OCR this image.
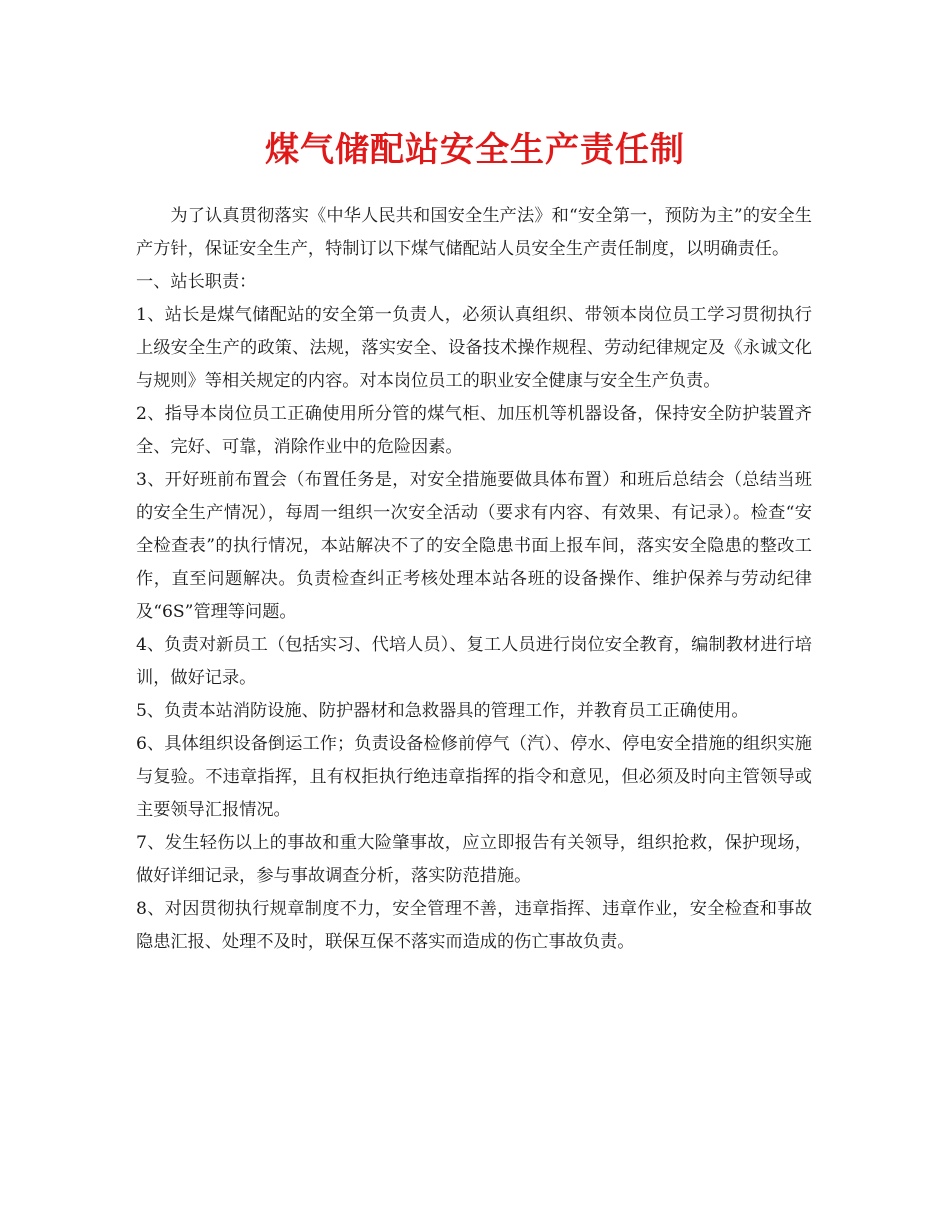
煤气储配站安全生产责任制

为了认真贯彻落实《中华人民共和国安全生产法》和“安全第一，预防为主”的安全生产方针，保证安全生产，特制订以下煤气储配站人员安全生产责任制度，以明确责任。

一、站长职责：

1、站长是煤气储配站的安全第一负责人，必须认真组织、带领本岗位员工学习贯彻执行上级安全生产的政策、法规，落实安全、设备技术操作规程、劳动纪律规定及《永诚文化与规则》等相关规定的内容。对本岗位员工的职业安全健康与安全生产负责。

2、指导本岗位员工正确使用所分管的煤气柜、加压机等机器设备，保持安全防护装置齐全、完好、可靠，消除作业中的危险因素。

3、开好班前布置会（布置任务是，对安全措施要做具体布置）和班后总结会（总结当班的安全生产情况），每周一组织一次安全活动（要求有内容、有效果、有记录）。检查“安全检查表”的执行情况，本站解决不了的安全隐患书面上报车间，落实安全隐患的整改工作，直至问题解决。负责检查纠正考核处理本站各班的设备操作、维护保养与劳动纪律及“6S”管理等问题。

4、负责对新员工（包括实习、代培人员）、复工人员进行岗位安全教育，编制教材进行培训，做好记录。

5、负责本站消防设施、防护器材和急救器具的管理工作，并教育员工正确使用。

6、具体组织设备倒运工作；负责设备检修前停气（汽）、停水、停电安全措施的组织实施与复验。不违章指挥，且有权拒执行绝违章指挥的指令和意见，但必须及时向主管领导或主要领导汇报情况。

7、发生轻伤以上的事故和重大险肇事故，应立即报告有关领导，组织抢救，保护现场，做好详细记录，参与事故调查分析，落实防范措施。

8、对因贯彻执行规章制度不力，安全管理不善，违章指挥、违章作业，安全检查和事故隐患汇报、处理不及时，联保互保不落实而造成的伤亡事故负责。
